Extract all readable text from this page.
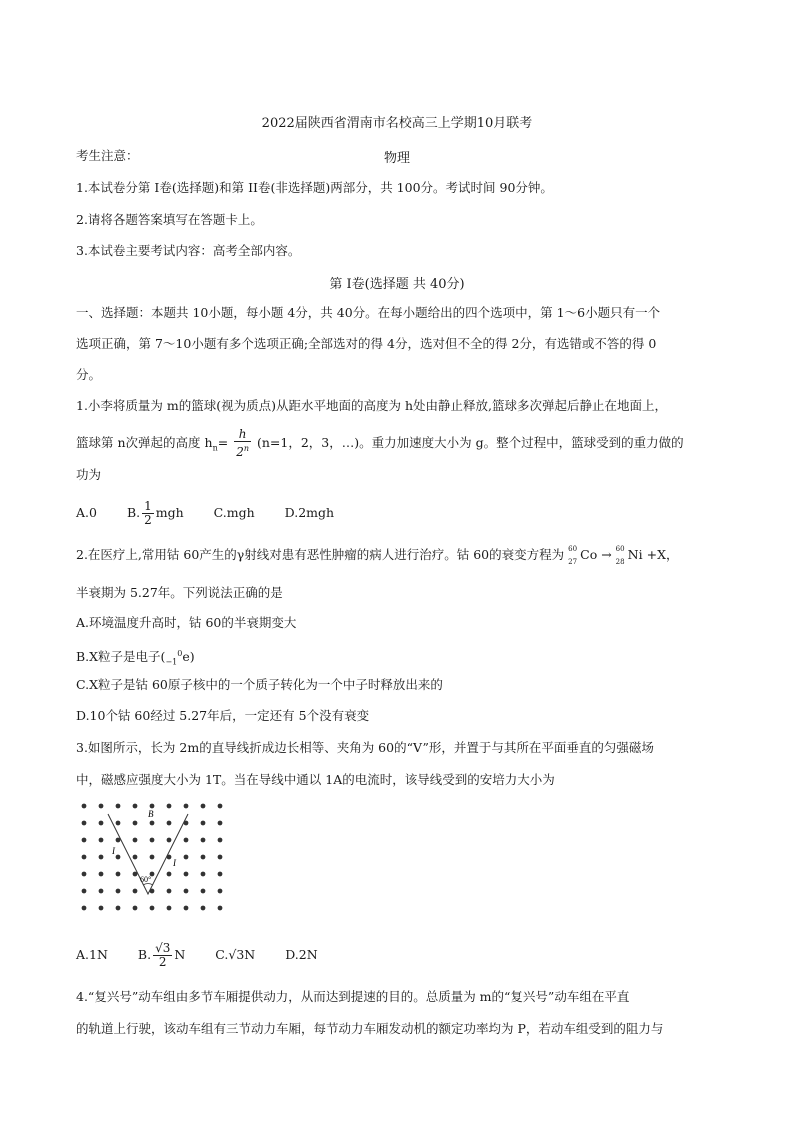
2022届陕西省渭南市名校高三上学期10月联考
物理
考生注意：
1.本试卷分第 I卷(选择题)和第 II卷(非选择题)两部分，共 100分。考试时间 90分钟。
2.请将各题答案填写在答题卡上。
3.本试卷主要考试内容：高考全部内容。
第 I卷(选择题 共 40分)
一、选择题：本题共 10小题，每小题 4分，共 40分。在每小题给出的四个选项中，第 1～6小题只有一个
选项正确，第 7～10小题有多个选项正确;全部选对的得 4分，选对但不全的得 2分，有选错或不答的得 0
分。
1.小李将质量为 m的篮球(视为质点)从距水平地面的高度为 h处由静止释放,篮球多次弹起后静止在地面上，
篮球第 n次弹起的高度 $h_n= \frac{h}{2^n} (n=1$，2，3，…)。重力加速度大小为 g。整个过程中，篮球受到的重力做的
功为
A.0 B. $\frac{1}{2}$ mgh C.mgh D.2mgh
2.在医疗上,常用钴 60产生的γ射线对患有恶性肿瘤的病人进行治疗。钴 60的衰变方程为 60
27 Co → 60
28 Ni +X，
半衰期为 5.27年。下列说法正确的是
A.环境温度升高时，钴 60的半衰期变大
B.X粒子是电子$(_{-1}^0e)$
C.X粒子是钴 60原子核中的一个质子转化为一个中子时释放出来的
D.10个钴 60经过 5.27年后，一定还有 5个没有衰变
3.如图所示，长为 2m的直导线折成边长相等、夹角为 60的“V”形，并置于与其所在平面垂直的匀强磁场
中，磁感应强度大小为 1T。当在导线中通以 1A的电流时，该导线受到的安培力大小为
B
I
I
60°
A.1N B. $\frac{√3}{2}$ N C.√3N D.2N
4.“复兴号”动车组由多节车厢提供动力，从而达到提速的目的。总质量为 m的“复兴号”动车组在平直
的轨道上行驶，该动车组有三节动力车厢，每节动力车厢发动机的额定功率均为 P，若动车组受到的阻力与
